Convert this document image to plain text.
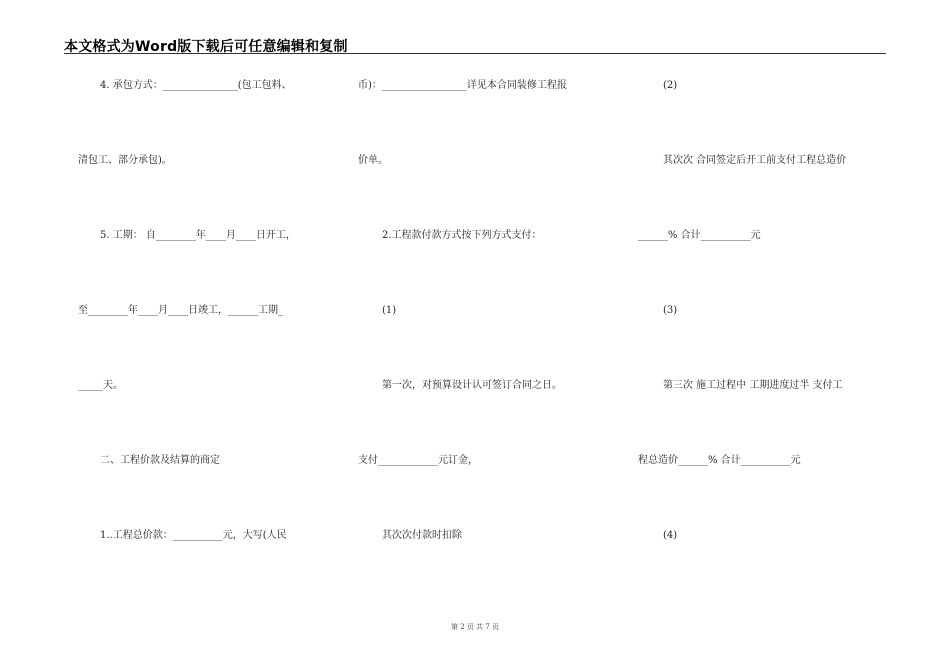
本文格式为Word版下载后可任意编辑和复制
4. 承包方式：_______________(包工包料、
清包工、部分承包)。
5. 工期： 自________年____月____日开工，
至________年____月____日竣工，______工期_
_____天。
二、工程价款及结算的商定
1..工程总价款：__________元，大写(人民
币)：_________________详见本合同装修工程报
价单。
2.工程款付款方式按下列方式支付：
(1)
第一次，对预算设计认可签订合同之日。
支付____________元订金，
其次次付款时扣除
(2)
其次次 合同签定后开工前支付工程总造价
______% 合计__________元
(3)
第三次 施工过程中 工期进度过半 支付工
程总造价______% 合计__________元
(4)
第 2 页 共 7 页
